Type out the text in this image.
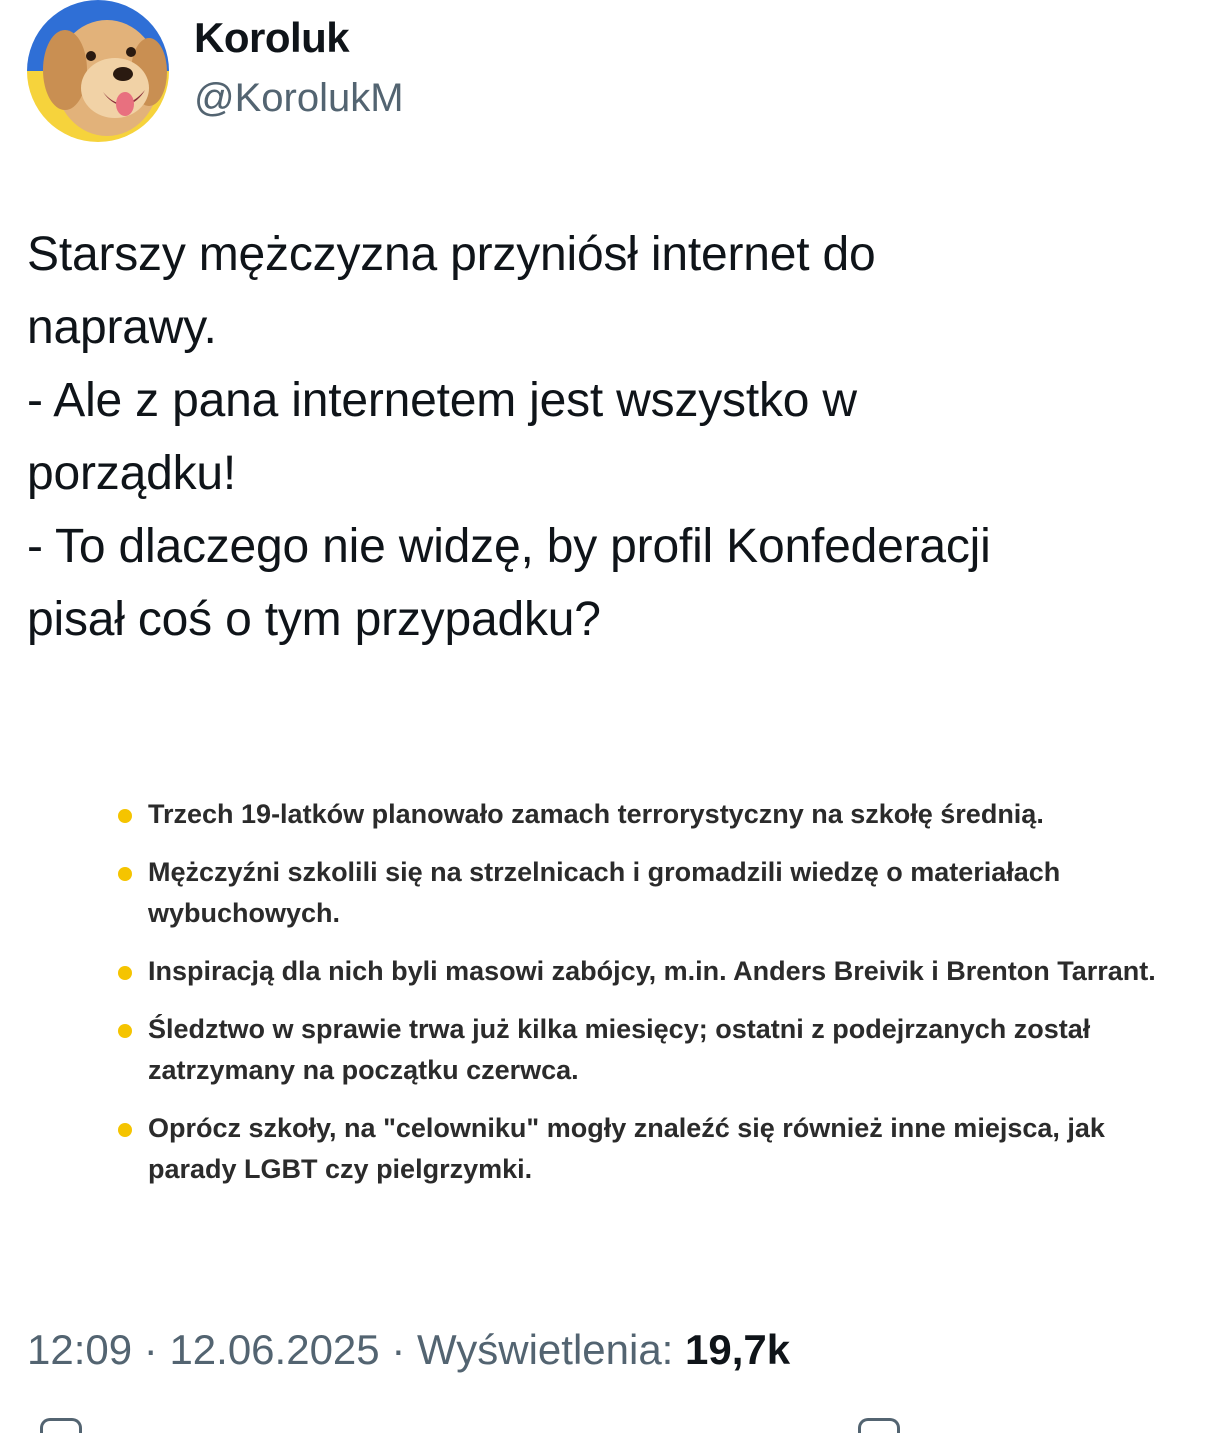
Koroluk
@KorolukM
Starszy mężczyzna przyniósł internet do
naprawy.
- Ale z pana internetem jest wszystko w
porządku!
- To dlaczego nie widzę, by profil Konfederacji
pisał coś o tym przypadku?
Trzech 19-latków planowało zamach terrorystyczny na szkołę średnią.
Mężczyźni szkolili się na strzelnicach i gromadzili wiedzę o materiałach wybuchowych.
Inspiracją dla nich byli masowi zabójcy, m.in. Anders Breivik i Brenton Tarrant.
Śledztwo w sprawie trwa już kilka miesięcy; ostatni z podejrzanych został zatrzymany na początku czerwca.
Oprócz szkoły, na "celowniku" mogły znaleźć się również inne miejsca, jak parady LGBT czy pielgrzymki.
12:09 · 12.06.2025 · Wyświetlenia: 19,7k
